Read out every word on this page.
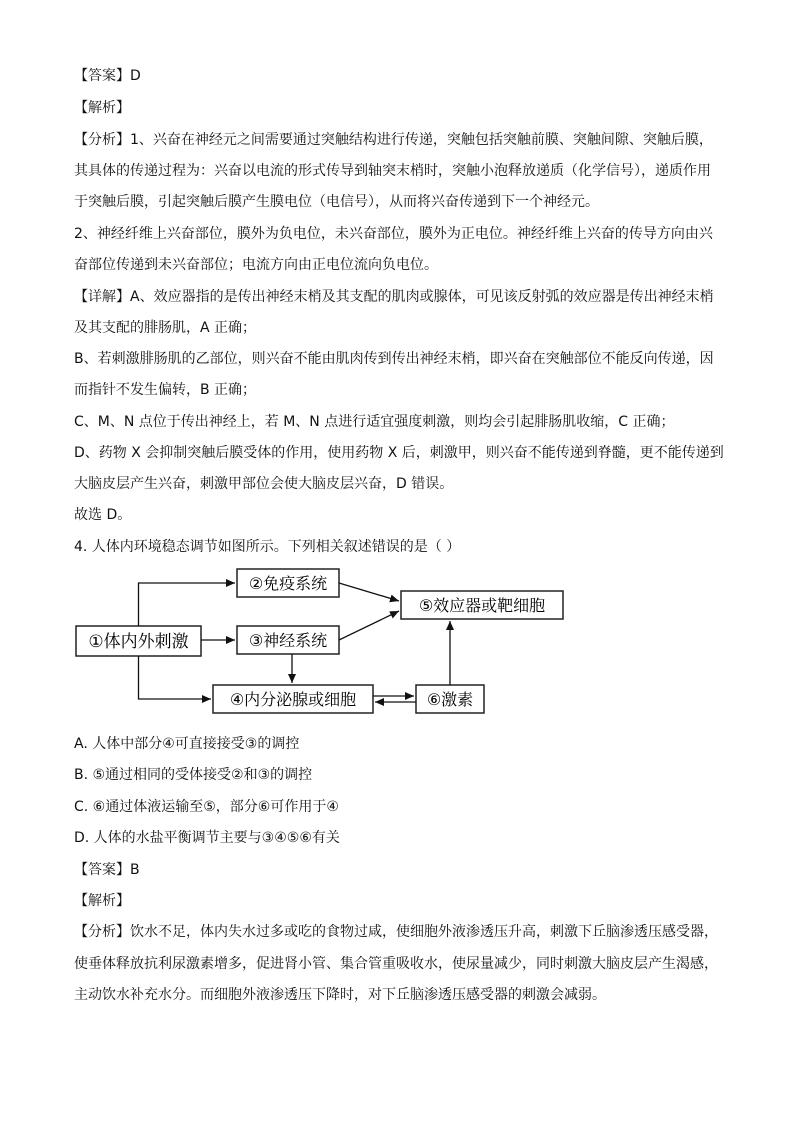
【答案】D
【解析】
【分析】1、兴奋在神经元之间需要通过突触结构进行传递，突触包括突触前膜、突触间隙、突触后膜，
其具体的传递过程为：兴奋以电流的形式传导到轴突末梢时，突触小泡释放递质（化学信号），递质作用
于突触后膜，引起突触后膜产生膜电位（电信号），从而将兴奋传递到下一个神经元。
2、神经纤维上兴奋部位，膜外为负电位，未兴奋部位，膜外为正电位。神经纤维上兴奋的传导方向由兴
奋部位传递到未兴奋部位；电流方向由正电位流向负电位。
【详解】A、效应器指的是传出神经末梢及其支配的肌肉或腺体，可见该反射弧的效应器是传出神经末梢
及其支配的腓肠肌，A 正确；
B、若刺激腓肠肌的乙部位，则兴奋不能由肌肉传到传出神经末梢，即兴奋在突触部位不能反向传递，因
而指针不发生偏转，B 正确；
C、M、N 点位于传出神经上，若 M、N 点进行适宜强度刺激，则均会引起腓肠肌收缩，C 正确；
D、药物 X 会抑制突触后膜受体的作用，使用药物 X 后，刺激甲，则兴奋不能传递到脊髓，更不能传递到
大脑皮层产生兴奋，刺激甲部位会使大脑皮层兴奋，D 错误。
故选 D。
4. 人体内环境稳态调节如图所示。下列相关叙述错误的是（ ）
①体内外刺激
②免疫系统
③神经系统
④内分泌腺或细胞
⑤效应器或靶细胞
⑥激素
A. 人体中部分④可直接接受③的调控
B. ⑤通过相同的受体接受②和③的调控
C. ⑥通过体液运输至⑤，部分⑥可作用于④
D. 人体的水盐平衡调节主要与③④⑤⑥有关
【答案】B
【解析】
【分析】饮水不足，体内失水过多或吃的食物过咸，使细胞外液渗透压升高，刺激下丘脑渗透压感受器，
使垂体释放抗利尿激素增多，促进肾小管、集合管重吸收水，使尿量减少，同时刺激大脑皮层产生渴感，
主动饮水补充水分。而细胞外液渗透压下降时，对下丘脑渗透压感受器的刺激会减弱。
